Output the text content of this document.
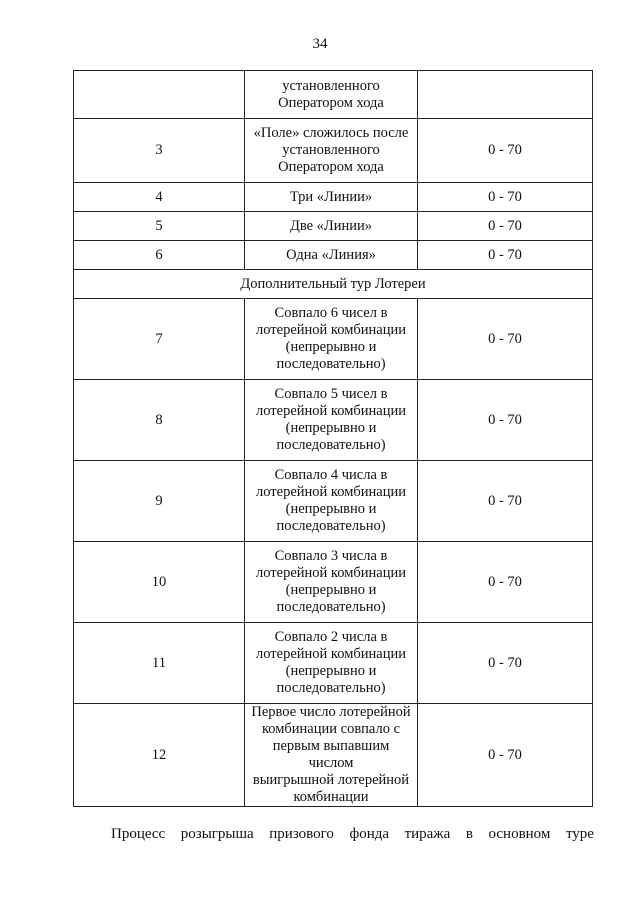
34
	установленного
Оператором хода	
3	«Поле» сложилось после
установленного
Оператором хода	0 - 70
4	Три «Линии»	0 - 70
5	Две «Линии»	0 - 70
6	Одна «Линия»	0 - 70
Дополнительный тур Лотереи		
7	Совпало 6 чисел в
лотерейной комбинации
(непрерывно и
последовательно)	0 - 70
8	Совпало 5 чисел в
лотерейной комбинации
(непрерывно и
последовательно)	0 - 70
9	Совпало 4 числа в
лотерейной комбинации
(непрерывно и
последовательно)	0 - 70
10	Совпало 3 числа в
лотерейной комбинации
(непрерывно и
последовательно)	0 - 70
11	Совпало 2 числа в
лотерейной комбинации
(непрерывно и
последовательно)	0 - 70
12	Первое число лотерейной
комбинации совпало с
первым выпавшим числом
выигрышной лотерейной
комбинации	0 - 70
Процесс розыгрыша призового фонда тиража в основном туре
